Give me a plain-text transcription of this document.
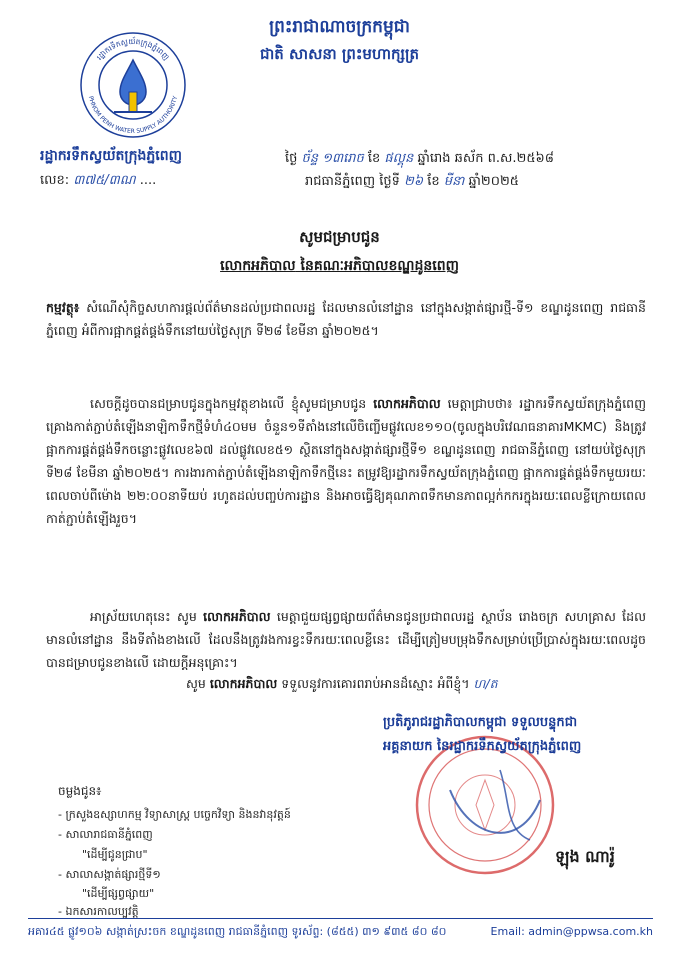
ព្រះរាជាណាចក្រកម្ពុជា
ជាតិ សាសនា ព្រះមហាក្សត្រ
រដ្ឋាករទឹកស្វយ័តក្រុងភ្នំពេញ
PHNOM PENH WATER SUPPLY AUTHORITY
រដ្ឋាករទឹកស្វយ័តក្រុងភ្នំពេញ
លេខ: ៣៧៥/៣ណ ....
ថ្ងៃ ច័ន្ទ ១៣រោច ខែ ផល្គុន ឆ្នាំរោង ឆស័ក ព.ស.២៥៦៨
រាជធានីភ្នំពេញ ថ្ងៃទី ២៦ ខែ មីនា ឆ្នាំ២០២៥
សូមជម្រាបជូន
លោកអភិបាល នៃគណៈអភិបាលខណ្ឌដូនពេញ
កម្មវត្ថុ៖ សំណើសុំកិច្ចសហការផ្តល់ព័ត៌មានដល់ប្រជាពលរដ្ឋ ដែលមានលំនៅដ្ឋាន នៅក្នុងសង្កាត់ផ្សារថ្មី-ទី១ ខណ្ឌដូនពេញ រាជធានីភ្នំពេញ អំពីការផ្អាកផ្គត់ផ្គង់ទឹកនៅយប់ថ្ងៃសុក្រ ទី២៨ ខែមីនា ឆ្នាំ២០២៥។
សេចក្តីដូចបានជម្រាបជូនក្នុងកម្មវត្ថុខាងលើ ខ្ញុំសូមជម្រាបជូន លោកអភិបាល មេត្តាជ្រាបថា៖ រដ្ឋាករទឹកស្វយ័តក្រុងភ្នំពេញ គ្រោងកាត់ភ្ជាប់តំឡើងនាឡិកាទឹកថ្មីទំហំ៤០មម ចំនួន១ទីតាំងនៅលើចិញ្ចើមផ្លូវលេខ១១០(ចូលក្នុងបរិវេណធនាគារMKMC) និងត្រូវផ្អាកការផ្គត់ផ្គង់ទឹកចន្លោះផ្លូវលេខ៦៧ ដល់ផ្លូវលេខ៥១ ស្ថិតនៅក្នុងសង្កាត់ផ្សារថ្មីទី១ ខណ្ឌដូនពេញ រាជធានីភ្នំពេញ នៅយប់ថ្ងៃសុក្រ ទី២៨ ខែមីនា ឆ្នាំ២០២៥។ ការងារកាត់ភ្ជាប់តំឡើងនាឡិកាទឹកថ្មីនេះ តម្រូវឱ្យរដ្ឋាករទឹកស្វយ័តក្រុងភ្នំពេញ ផ្អាកការផ្គត់ផ្គង់ទឹកមួយរយៈពេលចាប់ពីម៉ោង ២២:០០នាទីយប់ រហូតដល់បញ្ចប់ការដ្ឋាន និងអាចធ្វើឱ្យគុណភាពទឹកមានភាពល្អក់កករក្នុងរយៈពេលខ្លីក្រោយពេលកាត់ភ្ជាប់តំឡើងរួច។
អាស្រ័យហេតុនេះ សូម លោកអភិបាល មេត្តាជួយផ្សព្វផ្សាយព័ត៌មានជូនប្រជាពលរដ្ឋ ស្ថាប័ន រោងចក្រ សហគ្រាស ដែលមានលំនៅដ្ឋាន នឹងទីតាំងខាងលើ ដែលនឹងត្រូវរងការខ្វះទឹករយៈពេលខ្លីនេះ ដើម្បីត្រៀមបម្រុងទឹកសម្រាប់ប្រើប្រាស់ក្នុងរយៈពេលដូចបានជម្រាបជូនខាងលើ ដោយក្តីអនុគ្រោះ។
សូម លោកអភិបាល ទទួលនូវការគោរពរាប់អានដ៏ស្មោះ អំពីខ្ញុំ។ ហ/ត
ប្រតិភូរាជរដ្ឋាភិបាលកម្ពុជា ទទួលបន្ទុកជា
អគ្គនាយក នៃរដ្ឋាករទឹកស្វយ័តក្រុងភ្នំពេញ
ឡុង ណារ៉ូ
ចម្លងជូន៖
- ក្រសួងឧស្សាហកម្ម វិទ្យាសាស្ត្រ បច្ចេកវិទ្យា និងនវានុវត្តន៍
- សាលារាជធានីភ្នំពេញ
"ដើម្បីជូនជ្រាប"
- សាលាសង្កាត់ផ្សារថ្មីទី១
"ដើម្បីផ្សព្វផ្សាយ"
- ឯកសារកាលប្បវត្តិ
អគារ៤៥ ផ្លូវ១០៦ សង្កាត់ស្រះចក ខណ្ឌដូនពេញ រាជធានីភ្នំពេញ ទូរស័ព្ទ: (៨៥៥) ៣១ ៩៣៥ ៨០ ៨០	Email: admin@ppwsa.com.kh
